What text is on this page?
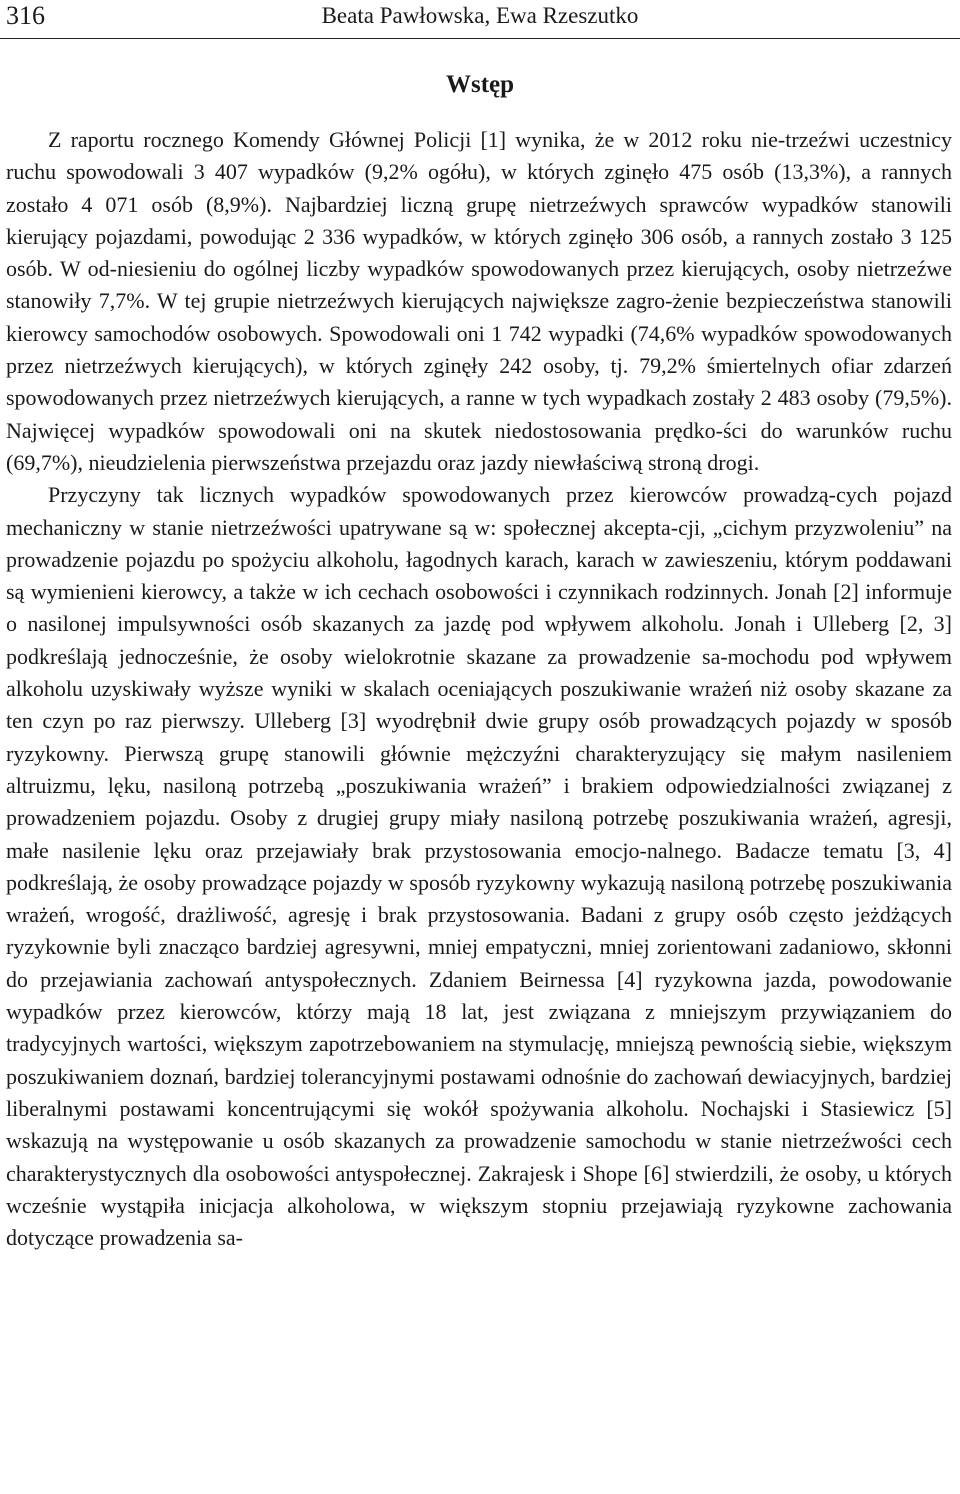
316	Beata Pawłowska, Ewa Rzeszutko
Wstęp

Z raportu rocznego Komendy Głównej Policji [1] wynika, że w 2012 roku nie-trzeźwi uczestnicy ruchu spowodowali 3 407 wypadków (9,2% ogółu), w których zginęło 475 osób (13,3%), a rannych zostało 4 071 osób (8,9%). Najbardziej liczną grupę nietrzeźwych sprawców wypadków stanowili kierujący pojazdami, powodując 2 336 wypadków, w których zginęło 306 osób, a rannych zostało 3 125 osób. W od-niesieniu do ogólnej liczby wypadków spowodowanych przez kierujących, osoby nietrzeźwe stanowiły 7,7%. W tej grupie nietrzeźwych kierujących największe zagro-żenie bezpieczeństwa stanowili kierowcy samochodów osobowych. Spowodowali oni 1 742 wypadki (74,6% wypadków spowodowanych przez nietrzeźwych kierujących), w których zginęły 242 osoby, tj. 79,2% śmiertelnych ofiar zdarzeń spowodowanych przez nietrzeźwych kierujących, a ranne w tych wypadkach zostały 2 483 osoby (79,5%). Najwięcej wypadków spowodowali oni na skutek niedostosowania prędko-ści do warunków ruchu (69,7%), nieudzielenia pierwszeństwa przejazdu oraz jazdy niewłaściwą stroną drogi.

Przyczyny tak licznych wypadków spowodowanych przez kierowców prowadzą-cych pojazd mechaniczny w stanie nietrzeźwości upatrywane są w: społecznej akcepta-cji, „cichym przyzwoleniu” na prowadzenie pojazdu po spożyciu alkoholu, łagodnych karach, karach w zawieszeniu, którym poddawani są wymienieni kierowcy, a także w ich cechach osobowości i czynnikach rodzinnych. Jonah [2] informuje o nasilonej impulsywności osób skazanych za jazdę pod wpływem alkoholu. Jonah i Ulleberg [2, 3] podkreślają jednocześnie, że osoby wielokrotnie skazane za prowadzenie sa-mochodu pod wpływem alkoholu uzyskiwały wyższe wyniki w skalach oceniających poszukiwanie wrażeń niż osoby skazane za ten czyn po raz pierwszy. Ulleberg [3] wyodrębnił dwie grupy osób prowadzących pojazdy w sposób ryzykowny. Pierwszą grupę stanowili głównie mężczyźni charakteryzujący się małym nasileniem altruizmu, lęku, nasiloną potrzebą „poszukiwania wrażeń” i brakiem odpowiedzialności związanej z prowadzeniem pojazdu. Osoby z drugiej grupy miały nasiloną potrzebę poszukiwania wrażeń, agresji, małe nasilenie lęku oraz przejawiały brak przystosowania emocjo-nalnego. Badacze tematu [3, 4] podkreślają, że osoby prowadzące pojazdy w sposób ryzykowny wykazują nasiloną potrzebę poszukiwania wrażeń, wrogość, drażliwość, agresję i brak przystosowania. Badani z grupy osób często jeżdżących ryzykownie byli znacząco bardziej agresywni, mniej empatyczni, mniej zorientowani zadaniowo, skłonni do przejawiania zachowań antyspołecznych. Zdaniem Beirnessa [4] ryzykowna jazda, powodowanie wypadków przez kierowców, którzy mają 18 lat, jest związana z mniejszym przywiązaniem do tradycyjnych wartości, większym zapotrzebowaniem na stymulację, mniejszą pewnością siebie, większym poszukiwaniem doznań, bardziej tolerancyjnymi postawami odnośnie do zachowań dewiacyjnych, bardziej liberalnymi postawami koncentrującymi się wokół spożywania alkoholu. Nochajski i Stasiewicz [5] wskazują na występowanie u osób skazanych za prowadzenie samochodu w stanie nietrzeźwości cech charakterystycznych dla osobowości antyspołecznej. Zakrajesk i Shope [6] stwierdzili, że osoby, u których wcześnie wystąpiła inicjacja alkoholowa, w większym stopniu przejawiają ryzykowne zachowania dotyczące prowadzenia sa-
